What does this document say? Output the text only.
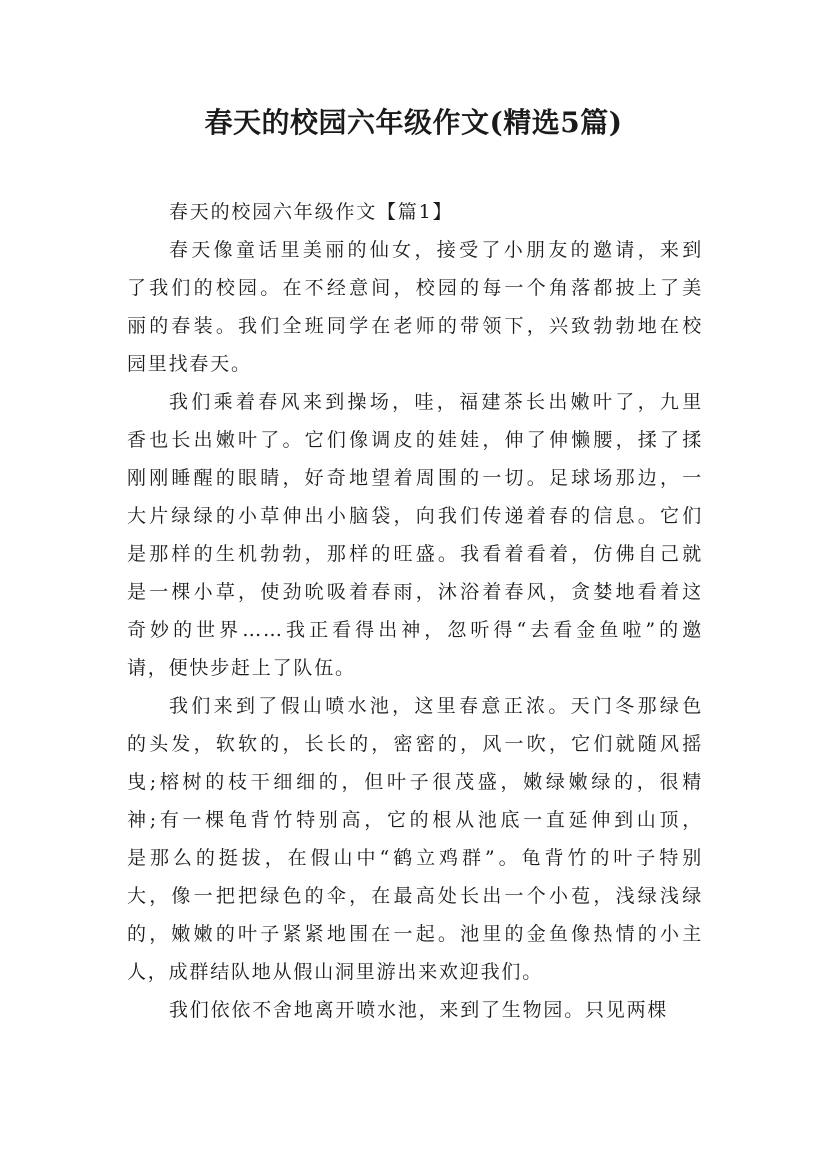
春天的校园六年级作文(精选5篇)

春天的校园六年级作文【篇1】

春天像童话里美丽的仙女，接受了小朋友的邀请，来到
了我们的校园。在不经意间，校园的每一个角落都披上了美
丽的春装。我们全班同学在老师的带领下，兴致勃勃地在校
园里找春天。

我们乘着春风来到操场，哇，福建茶长出嫩叶了，九里
香也长出嫩叶了。它们像调皮的娃娃，伸了伸懒腰，揉了揉
刚刚睡醒的眼睛，好奇地望着周围的一切。足球场那边，一
大片绿绿的小草伸出小脑袋，向我们传递着春的信息。它们
是那样的生机勃勃，那样的旺盛。我看着看着，仿佛自己就
是一棵小草，使劲吮吸着春雨，沐浴着春风，贪婪地看着这
奇妙的世界……我正看得出神，忽听得“去看金鱼啦”的邀
请，便快步赶上了队伍。

我们来到了假山喷水池，这里春意正浓。天门冬那绿色
的头发，软软的，长长的，密密的，风一吹，它们就随风摇
曳;榕树的枝干细细的，但叶子很茂盛，嫩绿嫩绿的，很精
神;有一棵龟背竹特别高，它的根从池底一直延伸到山顶，
是那么的挺拔，在假山中“鹤立鸡群”。龟背竹的叶子特别
大，像一把把绿色的伞，在最高处长出一个小苞，浅绿浅绿
的，嫩嫩的叶子紧紧地围在一起。池里的金鱼像热情的小主
人，成群结队地从假山洞里游出来欢迎我们。

我们依依不舍地离开喷水池，来到了生物园。只见两棵
